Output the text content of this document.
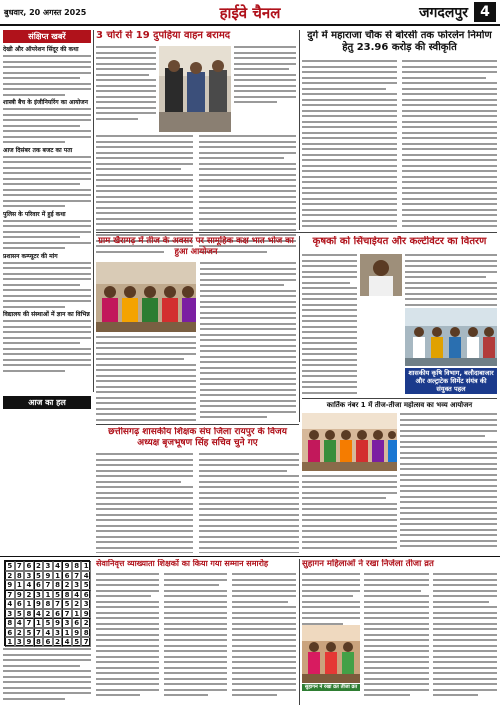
बुधवार, 20 अगस्त 2025	हाईवे चैनल	जगदलपुर 4
संक्षिप्त खबरें
देखी और ऑपरेशन सिंदूर की कथा
शास्त्री बैच के इंजीनियरिंग का आयोजन
आज दिसंबर तक बजट का पता
पुलिस के परिवार में हुई कथा
प्रशासन कम्प्यूटर की मांग
विद्यालय की संस्थाओं में ज्ञान का विभिन्न
3 चोरों से 19 दुपहिया वाहन बरामद	दुर्ग में महाराजा चौक से बोरसी तक फोरलेन निर्माण हेतु 23.96 करोड़ की स्वीकृति
ग्राम खैरागढ़ में तीज के अवसर पर सामूहिक कक्ष भात भोज का हुआ आयोजन
कृषकों को सिंचाईयत और कल्टीवेटर का वितरण
शासकीय कृषि विभाग, बलौदाबाजार और अल्ट्राटेक सिमेंट संयंत्र की संयुक्त पहल
कार्तिक नंबर 1 में तीज-तीजा महोत्सव का भव्य आयोजन
छत्तीसगढ़ शासकीय शिक्षक संघ जिला रायपुर के विजय अध्यक्ष बृजभूषण सिंह सचिव चुने गए
आज का हल
5 7 6 2 3 4 9 8 1
2 8 3 5 9 1 6 7 4
9 1 4 6 7 8 2 3 5
7 9 2 3 1 5 8 4 6
4 6 1 9 8 7 5 2 3
3 5 8 4 2 6 7 1 9
8 4 7 1 5 9 3 6 2
6 2 5 7 4 3 1 9 8
1 3 9 8 6 2 4 5 7
सेवानिवृत्त व्याख्याता शिक्षकों का किया गया सम्मान समारोह	सुहागन महिलाओं ने रखा निर्जला तीजा व्रत
सुहागन ने रखा व्रत तीजा व्रत
